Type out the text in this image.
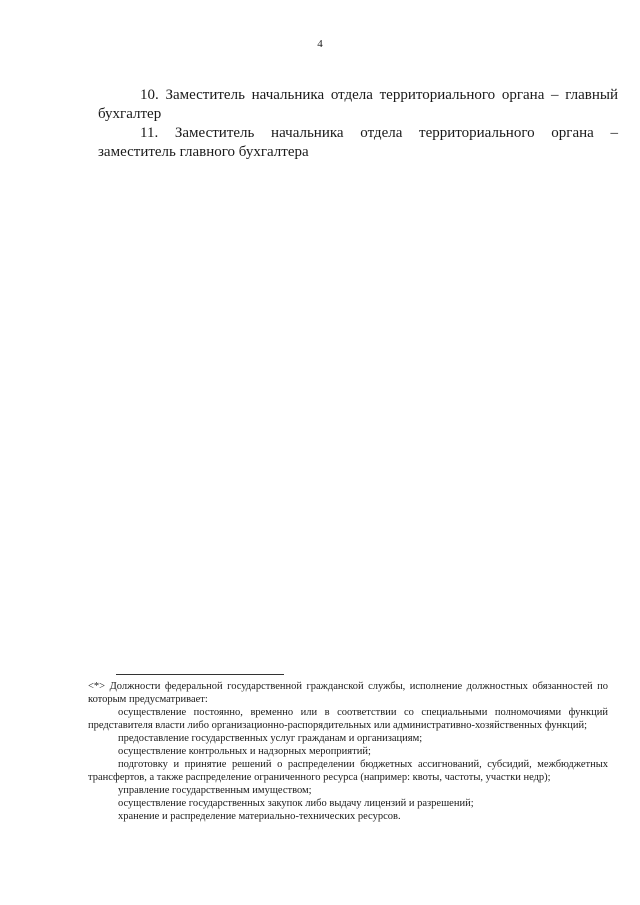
4

10. Заместитель начальника отдела территориального органа – главный
бухгалтер

11. Заместитель начальника отдела территориального органа –
заместитель главного бухгалтера

<*> Должности федеральной государственной гражданской службы, исполнение должностных обязанностей по которым предусматривает:

осуществление постоянно, временно или в соответствии со специальными полномочиями функций представителя власти либо организационно-распорядительных или административно-хозяйственных функций;

предоставление государственных услуг гражданам и организациям;

осуществление контрольных и надзорных мероприятий;

подготовку и принятие решений о распределении бюджетных ассигнований, субсидий, межбюджетных трансфертов, а также распределение ограниченного ресурса (например: квоты, частоты, участки недр);

управление государственным имуществом;

осуществление государственных закупок либо выдачу лицензий и разрешений;

хранение и распределение материально-технических ресурсов.
